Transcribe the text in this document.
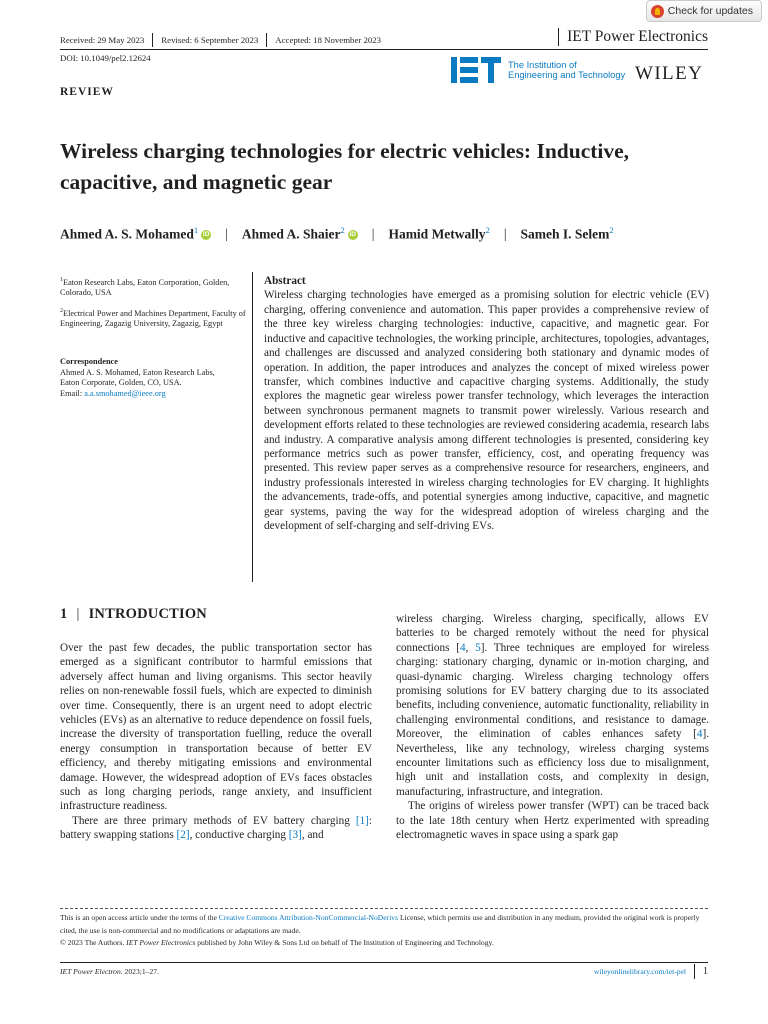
Check for updates
Received: 29 May 2023 Revised: 6 September 2023 Accepted: 18 November 2023	IET Power Electronics
DOI: 10.1049/pel2.12624
The Institution of
Engineering and Technology WILEY
REVIEW
Wireless charging technologies for electric vehicles: Inductive, capacitive, and magnetic gear
Ahmed A. S. Mohamed$^1$ iD | Ahmed A. Shaier$^2$ iD | Hamid Metwally$^2$ | Sameh I. Selem$^2$
$^1$Eaton Research Labs, Eaton Corporation, Golden, Colorado, USA
$^2$Electrical Power and Machines Department, Faculty of Engineering, Zagazig University, Zagazig, Egypt
Correspondence
Ahmed A. S. Mohamed, Eaton Research Labs,
Eaton Corporate, Golden, CO, USA.
Email: a.a.smohamed@ieee.org
Abstract
Wireless charging technologies have emerged as a promising solution for electric vehicle (EV) charging, offering convenience and automation. This paper provides a comprehensive review of the three key wireless charging technologies: inductive, capacitive, and magnetic gear. For inductive and capacitive technologies, the working principle, architectures, topologies, advantages, and challenges are discussed and analyzed considering both stationary and dynamic modes of operation. In addition, the paper introduces and analyzes the concept of mixed wireless power transfer, which combines inductive and capacitive charging systems. Additionally, the study explores the magnetic gear wireless power transfer technology, which leverages the interaction between synchronous permanent magnets to transmit power wirelessly. Various research and development efforts related to these technologies are reviewed considering academia, research labs and industry. A comparative analysis among different technologies is presented, considering key performance metrics such as power transfer, efficiency, cost, and operating frequency was presented. This review paper serves as a comprehensive resource for researchers, engineers, and industry professionals interested in wireless charging technologies for EV charging. It highlights the advancements, trade-offs, and potential synergies among inductive, capacitive, and magnetic gear systems, paving the way for the widespread adoption of wireless charging and the development of self-charging and self-driving EVs.
1 | INTRODUCTION

Over the past few decades, the public transportation sector has emerged as a significant contributor to harmful emissions that adversely affect human and living organisms. This sector heavily relies on non-renewable fossil fuels, which are expected to diminish over time. Consequently, there is an urgent need to adopt electric vehicles (EVs) as an alternative to reduce dependence on fossil fuels, increase the diversity of transportation fuelling, reduce the overall energy consumption in transportation because of better EV efficiency, and thereby mitigating emissions and environmental damage. However, the widespread adoption of EVs faces obstacles such as long charging periods, range anxiety, and insufficient infrastructure readiness.

There are three primary methods of EV battery charging [1]: battery swapping stations [2], conductive charging [3], and

wireless charging. Wireless charging, specifically, allows EV batteries to be charged remotely without the need for physical connections [4, 5]. Three techniques are employed for wireless charging: stationary charging, dynamic or in-motion charging, and quasi-dynamic charging. Wireless charging technology offers promising solutions for EV battery charging due to its associated benefits, including convenience, automatic functionality, reliability in challenging environmental conditions, and resistance to damage. Moreover, the elimination of cables enhances safety [4]. Nevertheless, like any technology, wireless charging systems encounter limitations such as efficiency loss due to misalignment, high unit and installation costs, and complexity in design, manufacturing, infrastructure, and integration.

The origins of wireless power transfer (WPT) can be traced back to the late 18th century when Hertz experimented with spreading electromagnetic waves in space using a spark gap

This is an open access article under the terms of the Creative Commons Attribution-NonCommercial-NoDerivs License, which permits use and distribution in any medium, provided the original work is properly cited, the use is non-commercial and no modifications or adaptations are made.
© 2023 The Authors. IET Power Electronics published by John Wiley & Sons Ltd on behalf of The Institution of Engineering and Technology.
IET Power Electron. 2023;1–27.	wileyonlinelibrary.com/iet-pel 1
